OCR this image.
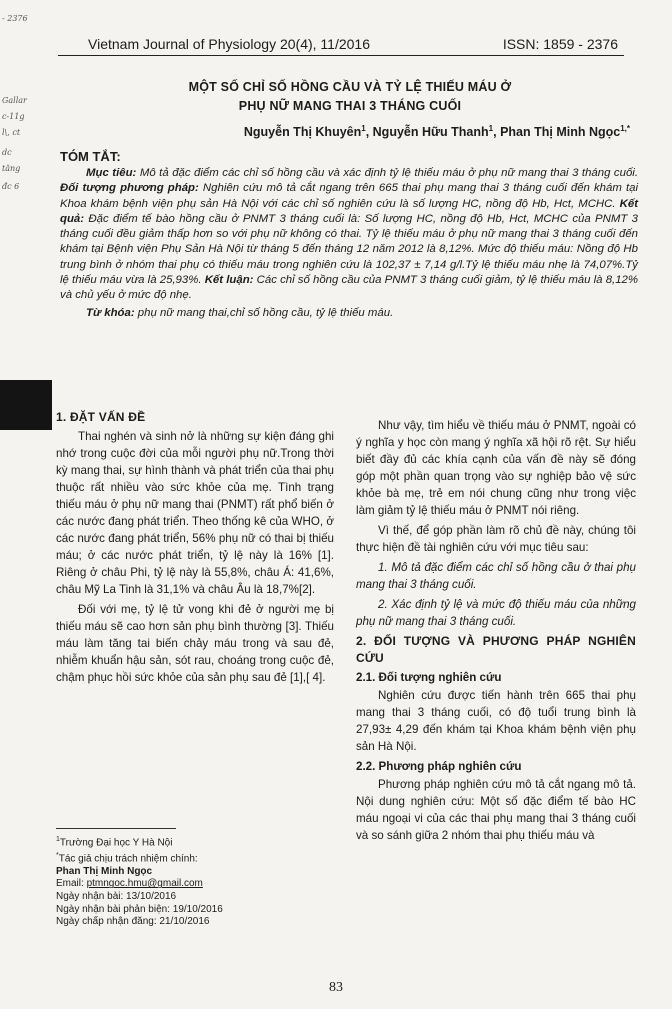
- 2376
Gallar
c-11g
l\, ct
dc
tăng
đc 6
Vietnam Journal of Physiology 20(4), 11/2016	ISSN: 1859 - 2376
MỘT SỐ CHỈ SỐ HỒNG CẦU VÀ TỶ LỆ THIẾU MÁU Ở
PHỤ NỮ MANG THAI 3 THÁNG CUỐI
Nguyễn Thị Khuyên$^1$, Nguyễn Hữu Thanh$^1$, Phan Thị Minh Ngọc$^{1,*}$
TÓM TẮT:

Mục tiêu: Mô tả đặc điểm các chỉ số hồng cầu và xác định tỷ lệ thiếu máu ở phụ nữ mang thai 3 tháng cuối. Đối tượng phương pháp: Nghiên cứu mô tả cắt ngang trên 665 thai phụ mang thai 3 tháng cuối đến khám tại Khoa khám bệnh viện phụ sản Hà Nội với các chỉ số nghiên cứu là số lượng HC, nồng độ Hb, Hct, MCHC. Kết quả: Đặc điểm tế bào hồng cầu ở PNMT 3 tháng cuối là: Số lượng HC, nồng độ Hb, Hct, MCHC của PNMT 3 tháng cuối đều giảm thấp hơn so với phụ nữ không có thai. Tỷ lệ thiếu máu ở phụ nữ mang thai 3 tháng cuối đến khám tại Bệnh viện Phụ Sản Hà Nội từ tháng 5 đến tháng 12 năm 2012 là 8,12%. Mức độ thiếu máu: Nồng độ Hb trung bình ở nhóm thai phụ có thiếu máu trong nghiên cứu là 102,37 ± 7,14 g/l.Tỷ lệ thiếu máu nhẹ là 74,07%.Tỷ lệ thiếu máu vừa là 25,93%. Kết luận: Các chỉ số hồng cầu của PNMT 3 tháng cuối giảm, tỷ lệ thiếu máu là 8,12% và chủ yếu ở mức độ nhẹ.

Từ khóa: phụ nữ mang thai,chỉ số hồng cầu, tỷ lệ thiếu máu.

1. ĐẶT VẤN ĐỀ

Thai nghén và sinh nở là những sự kiện đáng ghi nhớ trong cuộc đời của mỗi người phụ nữ.Trong thời kỳ mang thai, sự hình thành và phát triển của thai phụ thuộc rất nhiều vào sức khỏe của mẹ. Tình trạng thiếu máu ở phụ nữ mang thai (PNMT) rất phổ biến ở các nước đang phát triển. Theo thống kê của WHO, ở các nước đang phát triển, 56% phụ nữ có thai bị thiếu máu; ở các nước phát triển, tỷ lệ này là 16% [1]. Riêng ở châu Phi, tỷ lệ này là 55,8%, châu Á: 41,6%, châu Mỹ La Tinh là 31,1% và châu Âu là 18,7%[2].

Đối với mẹ, tỷ lệ tử vong khi đẻ ở người mẹ bị thiếu máu sẽ cao hơn sản phụ bình thường [3]. Thiếu máu làm tăng tai biến chảy máu trong và sau đẻ, nhiễm khuẩn hậu sản, sót rau, choáng trong cuộc đẻ, chậm phục hồi sức khỏe của sản phụ sau đẻ [1],[ 4].

Như vậy, tìm hiểu về thiếu máu ở PNMT, ngoài có ý nghĩa y học còn mang ý nghĩa xã hội rõ rệt. Sự hiểu biết đầy đủ các khía cạnh của vấn đề này sẽ đóng góp một phần quan trọng vào sự nghiệp bảo vệ sức khỏe bà mẹ, trẻ em nói chung cũng như trong việc làm giảm tỷ lệ thiếu máu ở PNMT nói riêng.

Vì thế, để góp phần làm rõ chủ đề này, chúng tôi thực hiện đề tài nghiên cứu với mục tiêu sau:

1. Mô tả đặc điểm các chỉ số hồng cầu ở thai phụ mang thai 3 tháng cuối.

2. Xác định tỷ lệ và mức độ thiếu máu của những phụ nữ mang thai 3 tháng cuối.

2. ĐỐI TƯỢNG VÀ PHƯƠNG PHÁP NGHIÊN CỨU
2.1. Đối tượng nghiên cứu

Nghiên cứu được tiến hành trên 665 thai phụ mang thai 3 tháng cuối, có độ tuổi trung bình là 27,93± 4,29 đến khám tại Khoa khám bệnh viện phụ sản Hà Nội.

2.2. Phương pháp nghiên cứu

Phương pháp nghiên cứu mô tả cắt ngang mô tả. Nội dung nghiên cứu: Một số đặc điểm tế bào HC máu ngoại vi của các thai phụ mang thai 3 tháng cuối và so sánh giữa 2 nhóm thai phụ thiếu máu và

$^1$Trường Đại học Y Hà Nội
*Tác giả chịu trách nhiệm chính:
Phan Thị Minh Ngọc
Email: ptmngoc.hmu@gmail.com
Ngày nhận bài: 13/10/2016
Ngày nhận bài phản biện: 19/10/2016
Ngày chấp nhận đăng: 21/10/2016
83
